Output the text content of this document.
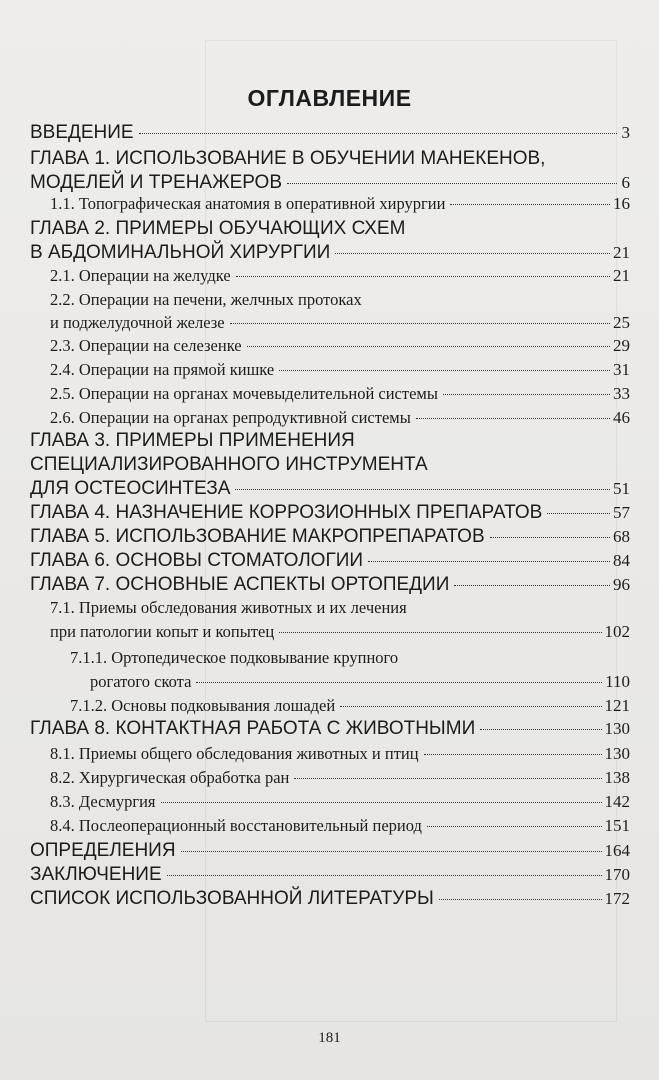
ОГЛАВЛЕНИЕ
ВВЕДЕНИЕ	3
ГЛАВА 1. ИСПОЛЬЗОВАНИЕ В ОБУЧЕНИИ МАНЕКЕНОВ,
МОДЕЛЕЙ И ТРЕНАЖЕРОВ	6
1.1. Топографическая анатомия в оперативной хирургии	16
ГЛАВА 2. ПРИМЕРЫ ОБУЧАЮЩИХ СХЕМ
В АБДОМИНАЛЬНОЙ ХИРУРГИИ	21
2.1. Операции на желудке	21
2.2. Операции на печени, желчных протоках
и поджелудочной железе	25
2.3. Операции на селезенке	29
2.4. Операции на прямой кишке	31
2.5. Операции на органах мочевыделительной системы	33
2.6. Операции на органах репродуктивной системы	46
ГЛАВА 3. ПРИМЕРЫ ПРИМЕНЕНИЯ
СПЕЦИАЛИЗИРОВАННОГО ИНСТРУМЕНТА
ДЛЯ ОСТЕОСИНТЕЗА	51
ГЛАВА 4. НАЗНАЧЕНИЕ КОРРОЗИОННЫХ ПРЕПАРАТОВ	57
ГЛАВА 5. ИСПОЛЬЗОВАНИЕ МАКРОПРЕПАРАТОВ	68
ГЛАВА 6. ОСНОВЫ СТОМАТОЛОГИИ	84
ГЛАВА 7. ОСНОВНЫЕ АСПЕКТЫ ОРТОПЕДИИ	96
7.1. Приемы обследования животных и их лечения
при патологии копыт и копытец	102
7.1.1. Ортопедическое подковывание крупного
рогатого скота	110
7.1.2. Основы подковывания лошадей	121
ГЛАВА 8. КОНТАКТНАЯ РАБОТА С ЖИВОТНЫМИ	130
8.1. Приемы общего обследования животных и птиц	130
8.2. Хирургическая обработка ран	138
8.3. Десмургия	142
8.4. Послеоперационный восстановительный период	151
ОПРЕДЕЛЕНИЯ	164
ЗАКЛЮЧЕНИЕ	170
СПИСОК ИСПОЛЬЗОВАННОЙ ЛИТЕРАТУРЫ	172
181
